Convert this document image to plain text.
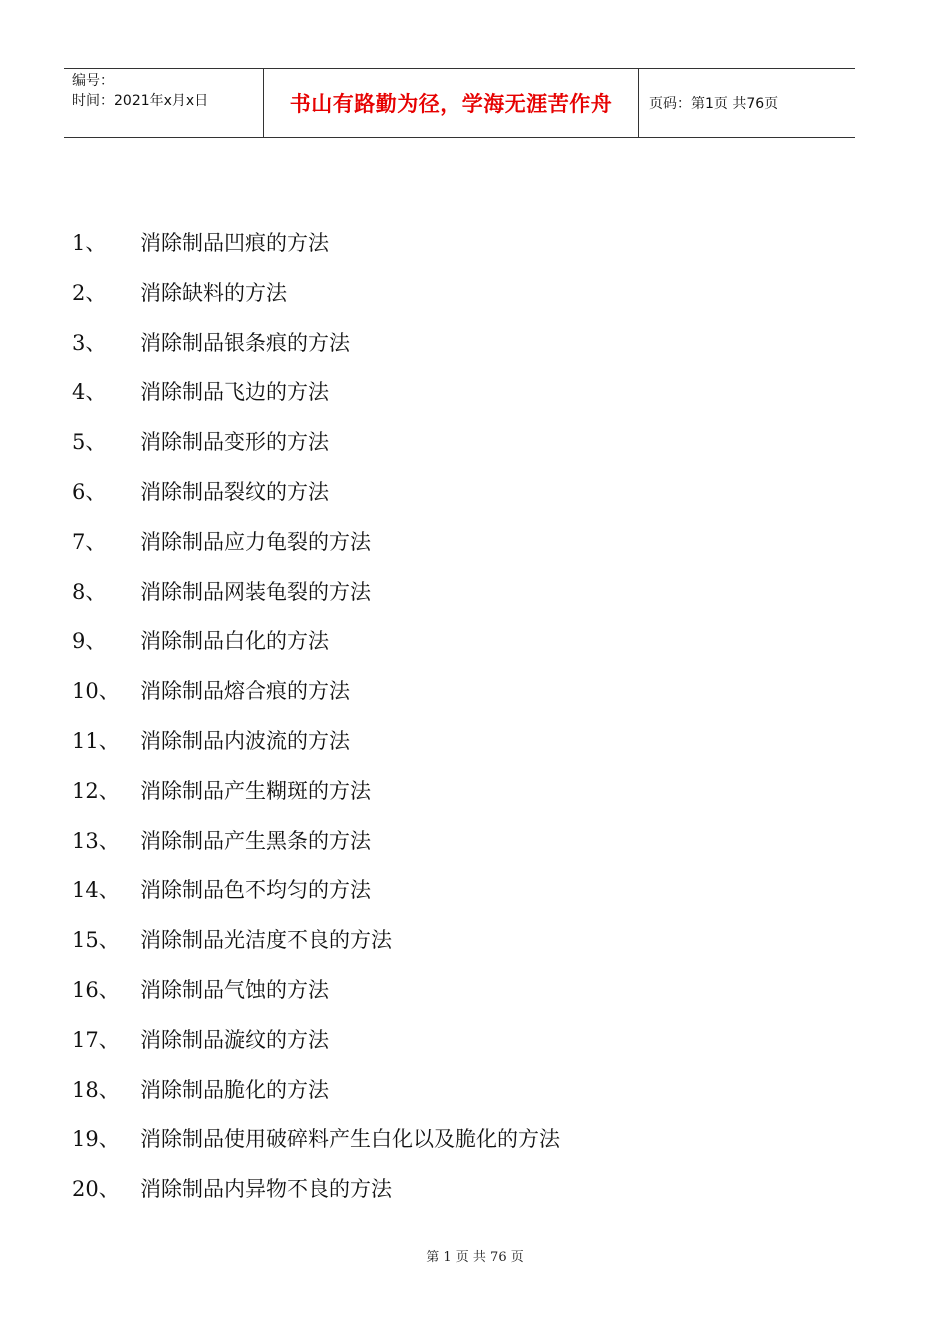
编号：
时间：2021年x月x日	书山有路勤为径，学海无涯苦作舟	页码：第1页 共76页
1、	消除制品凹痕的方法
2、	消除缺料的方法
3、	消除制品银条痕的方法
4、	消除制品飞边的方法
5、	消除制品变形的方法
6、	消除制品裂纹的方法
7、	消除制品应力龟裂的方法
8、	消除制品网装龟裂的方法
9、	消除制品白化的方法
10、 消除制品熔合痕的方法
11、 消除制品内波流的方法
12、 消除制品产生糊斑的方法
13、 消除制品产生黑条的方法
14、 消除制品色不均匀的方法
15、 消除制品光洁度不良的方法
16、 消除制品气蚀的方法
17、 消除制品漩纹的方法
18、 消除制品脆化的方法
19、 消除制品使用破碎料产生白化以及脆化的方法
20、 消除制品内异物不良的方法
第 1 页 共 76 页
